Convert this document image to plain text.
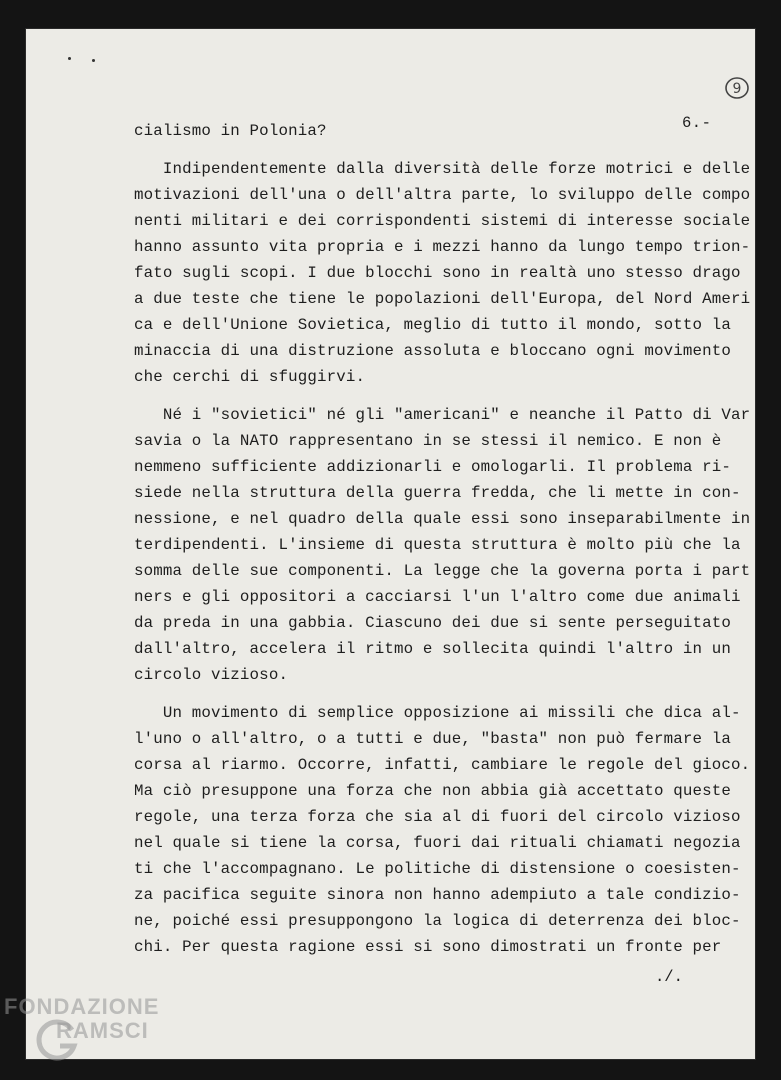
9
6.-
cialismo in Polonia?
Indipendentemente dalla diversità delle forze motrici e delle
motivazioni dell'una o dell'altra parte, lo sviluppo delle compo
nenti militari e dei corrispondenti sistemi di interesse sociale
hanno assunto vita propria e i mezzi hanno da lungo tempo trion-
fato sugli scopi. I due blocchi sono in realtà uno stesso drago
a due teste che tiene le popolazioni dell'Europa, del Nord Ameri
ca e dell'Unione Sovietica, meglio di tutto il mondo, sotto la
minaccia di una distruzione assoluta e bloccano ogni movimento
che cerchi di sfuggirvi.
Né i "sovietici" né gli "americani" e neanche il Patto di Var
savia o la NATO rappresentano in se stessi il nemico. E non è
nemmeno sufficiente addizionarli e omologarli. Il problema ri-
siede nella struttura della guerra fredda, che li mette in con-
nessione, e nel quadro della quale essi sono inseparabilmente in
terdipendenti. L'insieme di questa struttura è molto più che la
somma delle sue componenti. La legge che la governa porta i part
ners e gli oppositori a cacciarsi l'un l'altro come due animali
da preda in una gabbia. Ciascuno dei due si sente perseguitato
dall'altro, accelera il ritmo e sollecita quindi l'altro in un
circolo vizioso.
Un movimento di semplice opposizione ai missili che dica al-
l'uno o all'altro, o a tutti e due, "basta" non può fermare la
corsa al riarmo. Occorre, infatti, cambiare le regole del gioco.
Ma ciò presuppone una forza che non abbia già accettato queste
regole, una terza forza che sia al di fuori del circolo vizioso
nel quale si tiene la corsa, fuori dai rituali chiamati negozia
ti che l'accompagnano. Le politiche di distensione o coesisten-
za pacifica seguite sinora non hanno adempiuto a tale condizio-
ne, poiché essi presuppongono la logica di deterrenza dei bloc-
chi. Per questa ragione essi si sono dimostrati un fronte per
./.
FONDAZIONE
RAMSCI
